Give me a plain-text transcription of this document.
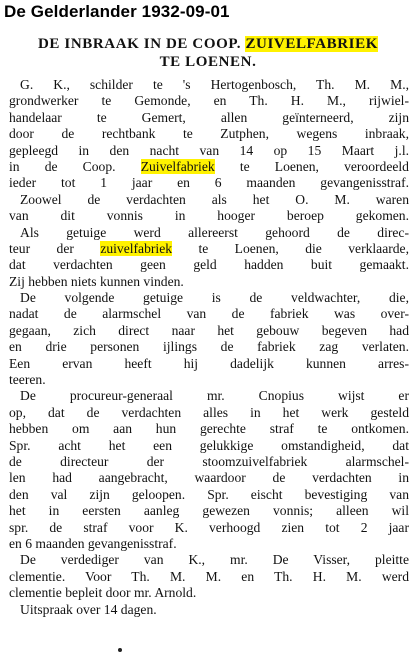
De Gelderlander 1932-09-01
DE INBRAAK IN DE COOP. ZUIVELFABRIEK
TE LOENEN.
G. K., schilder te 's Hertogenbosch, Th. M. M.,
grondwerker te Gemonde, en Th. H. M., rijwiel-
handelaar te Gemert, allen geïnterneerd, zijn
door de rechtbank te Zutphen, wegens inbraak,
gepleegd in den nacht van 14 op 15 Maart j.l.
in de Coop. Zuivelfabriek te Loenen, veroordeeld
ieder tot 1 jaar en 6 maanden gevangenisstraf.
Zoowel de verdachten als het O. M. waren
van dit vonnis in hooger beroep gekomen.
Als getuige werd allereerst gehoord de direc-
teur der zuivelfabriek te Loenen, die verklaarde,
dat verdachten geen geld hadden buit gemaakt.
Zij hebben niets kunnen vinden.
De volgende getuige is de veldwachter, die,
nadat de alarmschel van de fabriek was over-
gegaan, zich direct naar het gebouw begeven had
en drie personen ijlings de fabriek zag verlaten.
Een ervan heeft hij dadelijk kunnen arres-
teeren.
De procureur-generaal mr. Cnopius wijst er
op, dat de verdachten alles in het werk gesteld
hebben om aan hun gerechte straf te ontkomen.
Spr. acht het een gelukkige omstandigheid, dat
de directeur der stoomzuivelfabriek alarmschel-
len had aangebracht, waardoor de verdachten in
den val zijn geloopen. Spr. eischt bevestiging van
het in eersten aanleg gewezen vonnis; alleen wil
spr. de straf voor K. verhoogd zien tot 2 jaar
en 6 maanden gevangenisstraf.
De verdediger van K., mr. De Visser, pleitte
clementie. Voor Th. M. M. en Th. H. M. werd
clementie bepleit door mr. Arnold.
Uitspraak over 14 dagen.
